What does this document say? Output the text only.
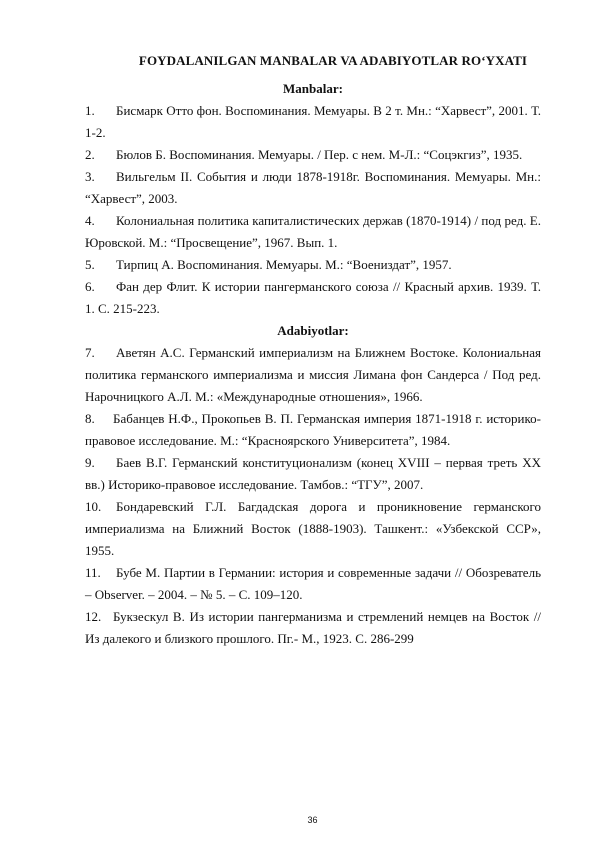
FOYDALANILGAN MANBALAR VA ADABIYOTLAR RO‘YXATI
Manbalar:
1. Бисмарк Отто фон. Воспоминания. Мемуары. В 2 т. Мн.: “Харвест”, 2001. Т. 1-2.
2. Бюлов Б. Воспоминания. Мемуары. / Пер. с нем. М-Л.: “Соцэкгиз”, 1935.
3. Вильгельм II. События и люди 1878-1918г. Воспоминания. Мемуары. Мн.: “Харвест”, 2003.
4. Колониальная политика капиталистических держав (1870-1914) / под ред. Е. Юровской. М.: “Просвещение”, 1967. Вып. 1.
5. Тирпиц А. Воспоминания. Мемуары. М.: “Воениздат”, 1957.
6. Фан дер Флит. К истории пангерманского союза // Красный архив. 1939. Т. 1. С. 215-223.
Adabiyotlar:
7. Аветян А.С. Германский империализм на Ближнем Востоке. Колониальная политика германского империализма и миссия Лимана фон Сандерса / Под ред. Нарочницкого А.Л. М.: «Международные отношения», 1966.
8. Бабанцев Н.Ф., Прокопьев В. П. Германская империя 1871-1918 г. историко-правовое исследование. М.: “Красноярского Университета”, 1984.
9. Баев В.Г. Германский конституционализм (конец XVIII – первая треть XX вв.) Историко-правовое исследование. Тамбов.: “ТГУ”, 2007.
10. Бондаревский Г.Л. Багдадская дорога и проникновение германского империализма на Ближний Восток (1888-1903). Ташкент.: «Узбекской ССР», 1955.
11. Бубе М. Партии в Германии: история и современные задачи // Обозреватель – Observer. – 2004. – № 5. – С. 109–120.
12. Букзескул В. Из истории пангерманизма и стремлений немцев на Восток // Из далекого и близкого прошлого. Пг.- М., 1923. С. 286-299
36
